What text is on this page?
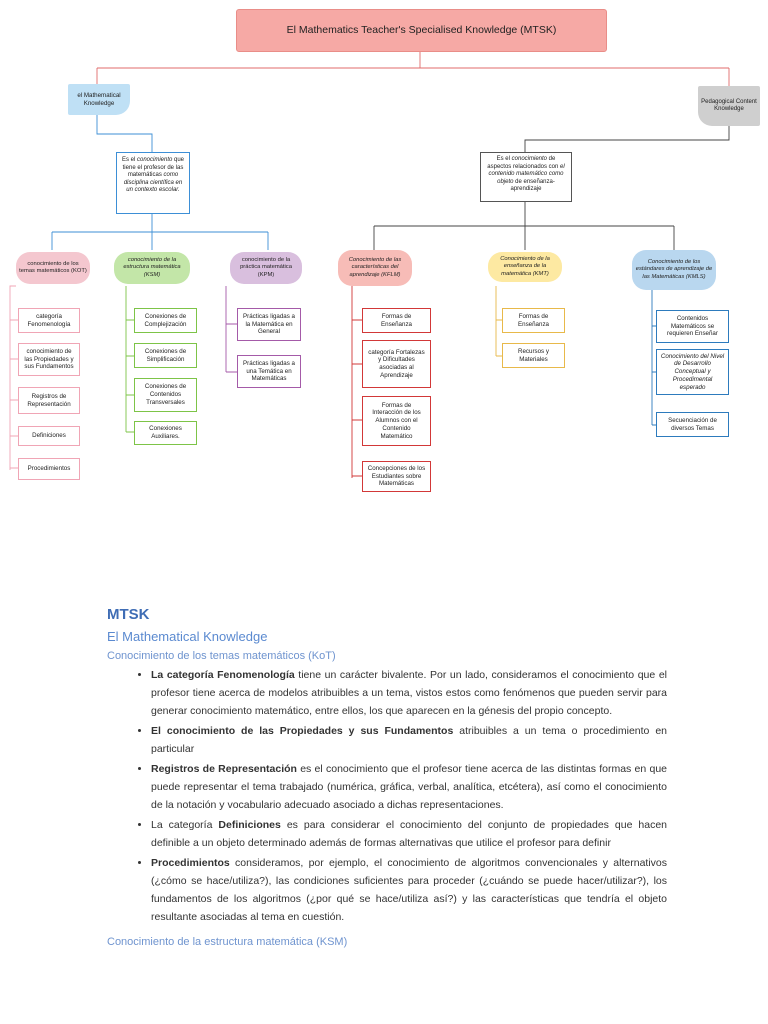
El Mathematics Teacher's Specialised Knowledge (MTSK)
el Mathematical Knowledge	Pedagogical Content Knowledge
Es el conocimiento que tiene el profesor de las matemáticas como disciplina científica en un contexto escolar.
Es el conocimiento de aspectos relacionados con el contenido matemático como objeto de enseñanza-aprendizaje
conocimiento de los temas matemáticos (KOT)
conocimiento de la estructura matemática (KSM)
conocimiento de la práctica matemática (KPM)
Conocimiento de las características del aprendizaje (KFLM)
Conocimiento de la enseñanza de la matemática (KMT)
Conocimiento de los estándares de aprendizaje de las Matemáticas (KMLS)
categoría Fenomenología
conocimiento de las Propiedades y sus Fundamentos
Registros de Representación
Definiciones
Procedimientos
Conexiones de Complejización
Conexiones de Simplificación
Conexiones de Contenidos Transversales
Conexiones Auxiliares.
Prácticas ligadas a la Matemática en General
Prácticas ligadas a una Temática en Matemáticas
Formas de Enseñanza
categoría Fortalezas y Dificultades asociadas al Aprendizaje
Formas de Interacción de los Alumnos con el Contenido Matemático
Concepciones de los Estudiantes sobre Matemáticas
Formas de Enseñanza
Recursos y Materiales
Contenidos Matemáticos se requieren Enseñar
Conocimiento del Nivel de Desarrollo Conceptual y Procedimental esperado
Secuenciación de diversos Temas
MTSK
El Mathematical Knowledge
Conocimiento de los temas matemáticos (KoT)
• La categoría Fenomenología tiene un carácter bivalente. Por un lado, consideramos el conocimiento que el profesor tiene acerca de modelos atribuibles a un tema, vistos estos como fenómenos que pueden servir para generar conocimiento matemático, entre ellos, los que aparecen en la génesis del propio concepto.
• El conocimiento de las Propiedades y sus Fundamentos atribuibles a un tema o procedimiento en particular
• Registros de Representación es el conocimiento que el profesor tiene acerca de las distintas formas en que puede representar el tema trabajado (numérica, gráfica, verbal, analítica, etcétera), así como el conocimiento de la notación y vocabulario adecuado asociado a dichas representaciones.
• La categoría Definiciones es para considerar el conocimiento del conjunto de propiedades que hacen definible a un objeto determinado además de formas alternativas que utilice el profesor para definir
• Procedimientos consideramos, por ejemplo, el conocimiento de algoritmos convencionales y alternativos (¿cómo se hace/utiliza?), las condiciones suficientes para proceder (¿cuándo se puede hacer/utilizar?), los fundamentos de los algoritmos (¿por qué se hace/utiliza así?) y las características que tendría el objeto resultante asociadas al tema en cuestión.
Conocimiento de la estructura matemática (KSM)
